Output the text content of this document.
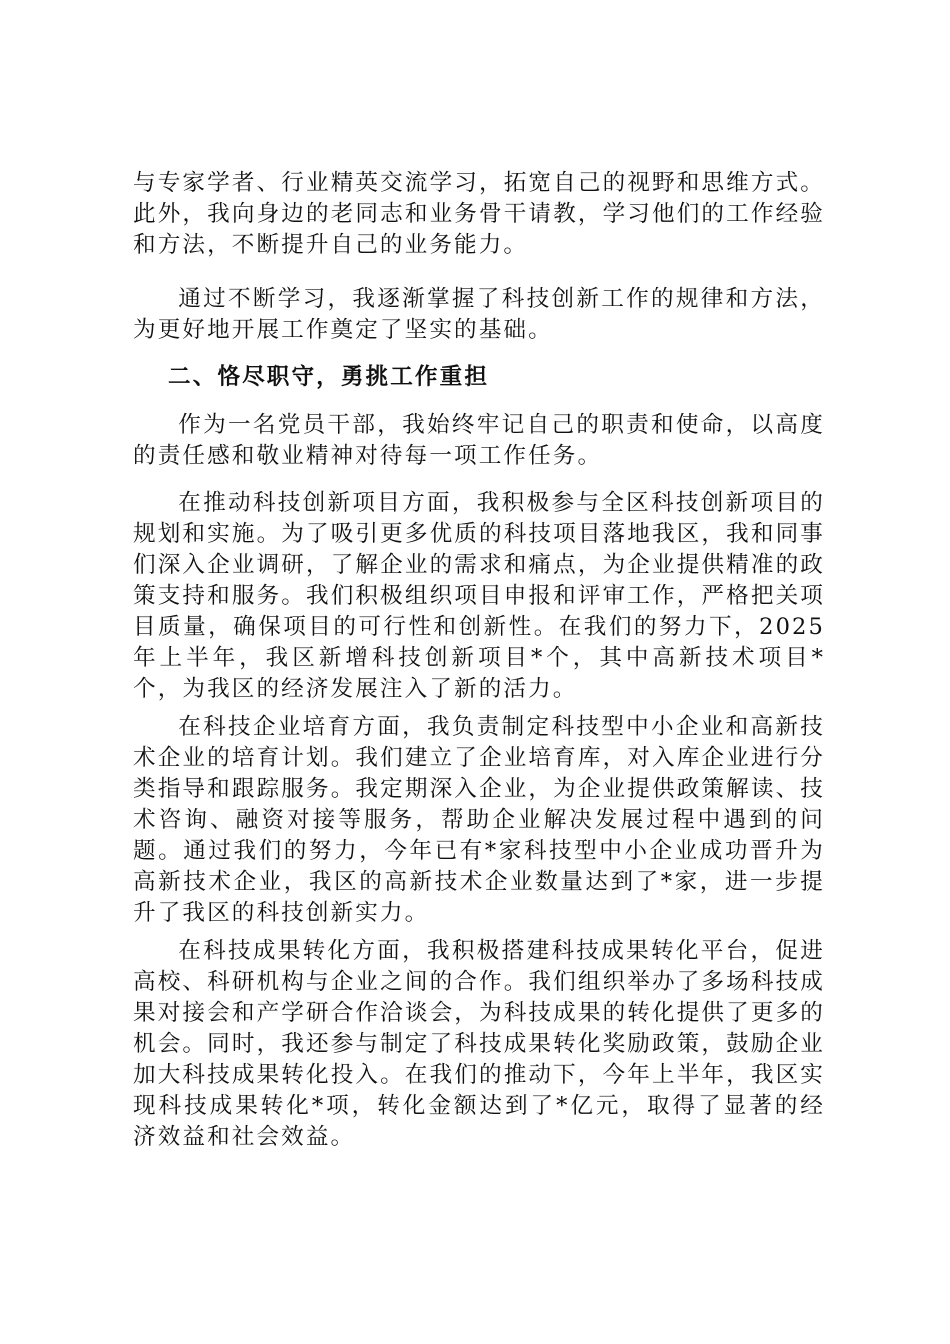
与专家学者、行业精英交流学习，拓宽自己的视野和思维方式。此外，我向身边的老同志和业务骨干请教，学习他们的工作经验和方法，不断提升自己的业务能力。

通过不断学习，我逐渐掌握了科技创新工作的规律和方法，为更好地开展工作奠定了坚实的基础。

二、恪尽职守，勇挑工作重担

作为一名党员干部，我始终牢记自己的职责和使命，以高度的责任感和敬业精神对待每一项工作任务。

在推动科技创新项目方面，我积极参与全区科技创新项目的规划和实施。为了吸引更多优质的科技项目落地我区，我和同事们深入企业调研，了解企业的需求和痛点，为企业提供精准的政策支持和服务。我们积极组织项目申报和评审工作，严格把关项目质量，确保项目的可行性和创新性。在我们的努力下，2025年上半年，我区新增科技创新项目*个，其中高新技术项目*个，为我区的经济发展注入了新的活力。

在科技企业培育方面，我负责制定科技型中小企业和高新技术企业的培育计划。我们建立了企业培育库，对入库企业进行分类指导和跟踪服务。我定期深入企业，为企业提供政策解读、技术咨询、融资对接等服务，帮助企业解决发展过程中遇到的问题。通过我们的努力，今年已有*家科技型中小企业成功晋升为高新技术企业，我区的高新技术企业数量达到了*家，进一步提升了我区的科技创新实力。

在科技成果转化方面，我积极搭建科技成果转化平台，促进高校、科研机构与企业之间的合作。我们组织举办了多场科技成果对接会和产学研合作洽谈会，为科技成果的转化提供了更多的机会。同时，我还参与制定了科技成果转化奖励政策，鼓励企业加大科技成果转化投入。在我们的推动下，今年上半年，我区实现科技成果转化*项，转化金额达到了*亿元，取得了显著的经济效益和社会效益。
